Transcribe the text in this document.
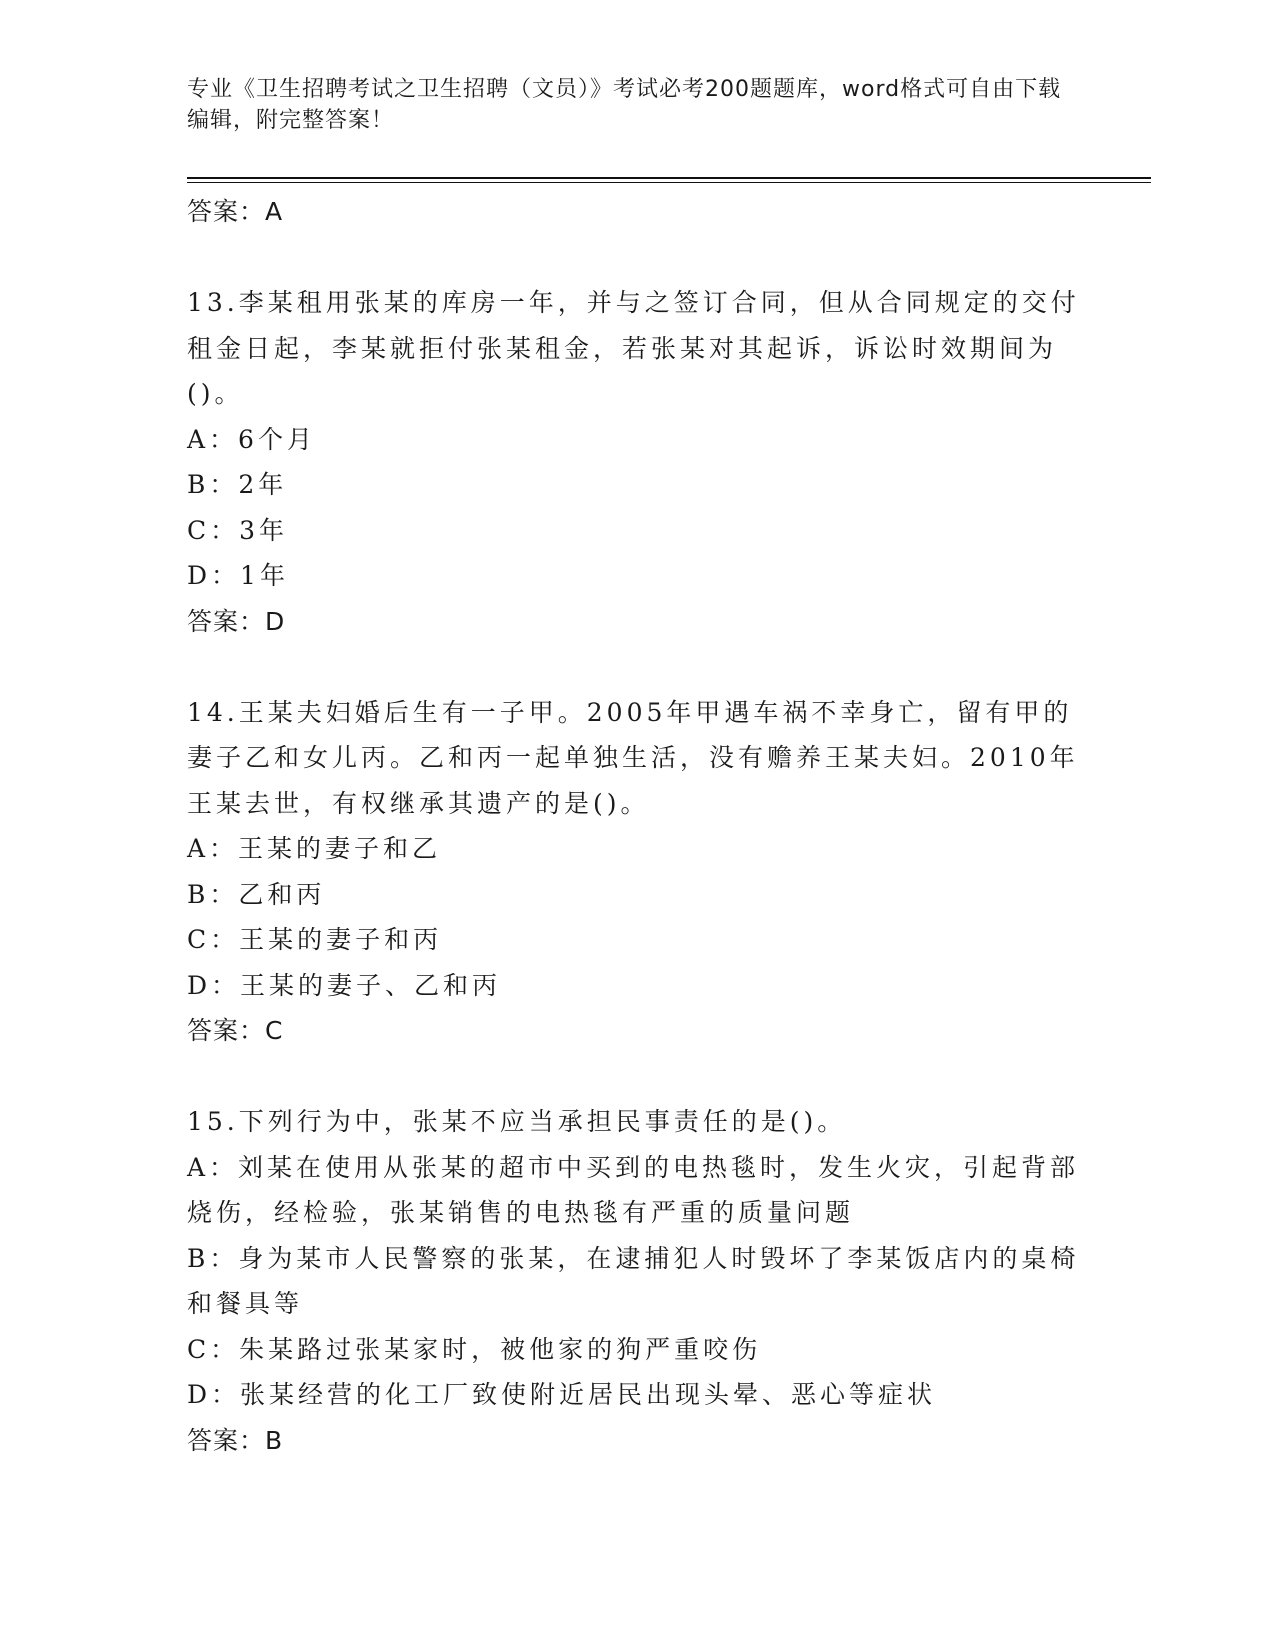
专业《卫生招聘考试之卫生招聘（文员）》考试必考200题题库，word格式可自由下载编辑，附完整答案！
答案：A

13.李某租用张某的库房一年，并与之签订合同，但从合同规定的交付租金日起，李某就拒付张某租金，若张某对其起诉，诉讼时效期间为()。

A：6个月

B：2年

C：3年

D：1年

答案：D

14.王某夫妇婚后生有一子甲。2005年甲遇车祸不幸身亡，留有甲的妻子乙和女儿丙。乙和丙一起单独生活，没有赡养王某夫妇。2010年王某去世，有权继承其遗产的是()。

A：王某的妻子和乙

B：乙和丙

C：王某的妻子和丙

D：王某的妻子、乙和丙

答案：C

15.下列行为中，张某不应当承担民事责任的是()。

A：刘某在使用从张某的超市中买到的电热毯时，发生火灾，引起背部烧伤，经检验，张某销售的电热毯有严重的质量问题

B：身为某市人民警察的张某，在逮捕犯人时毁坏了李某饭店内的桌椅和餐具等

C：朱某路过张某家时，被他家的狗严重咬伤

D：张某经营的化工厂致使附近居民出现头晕、恶心等症状

答案：B
